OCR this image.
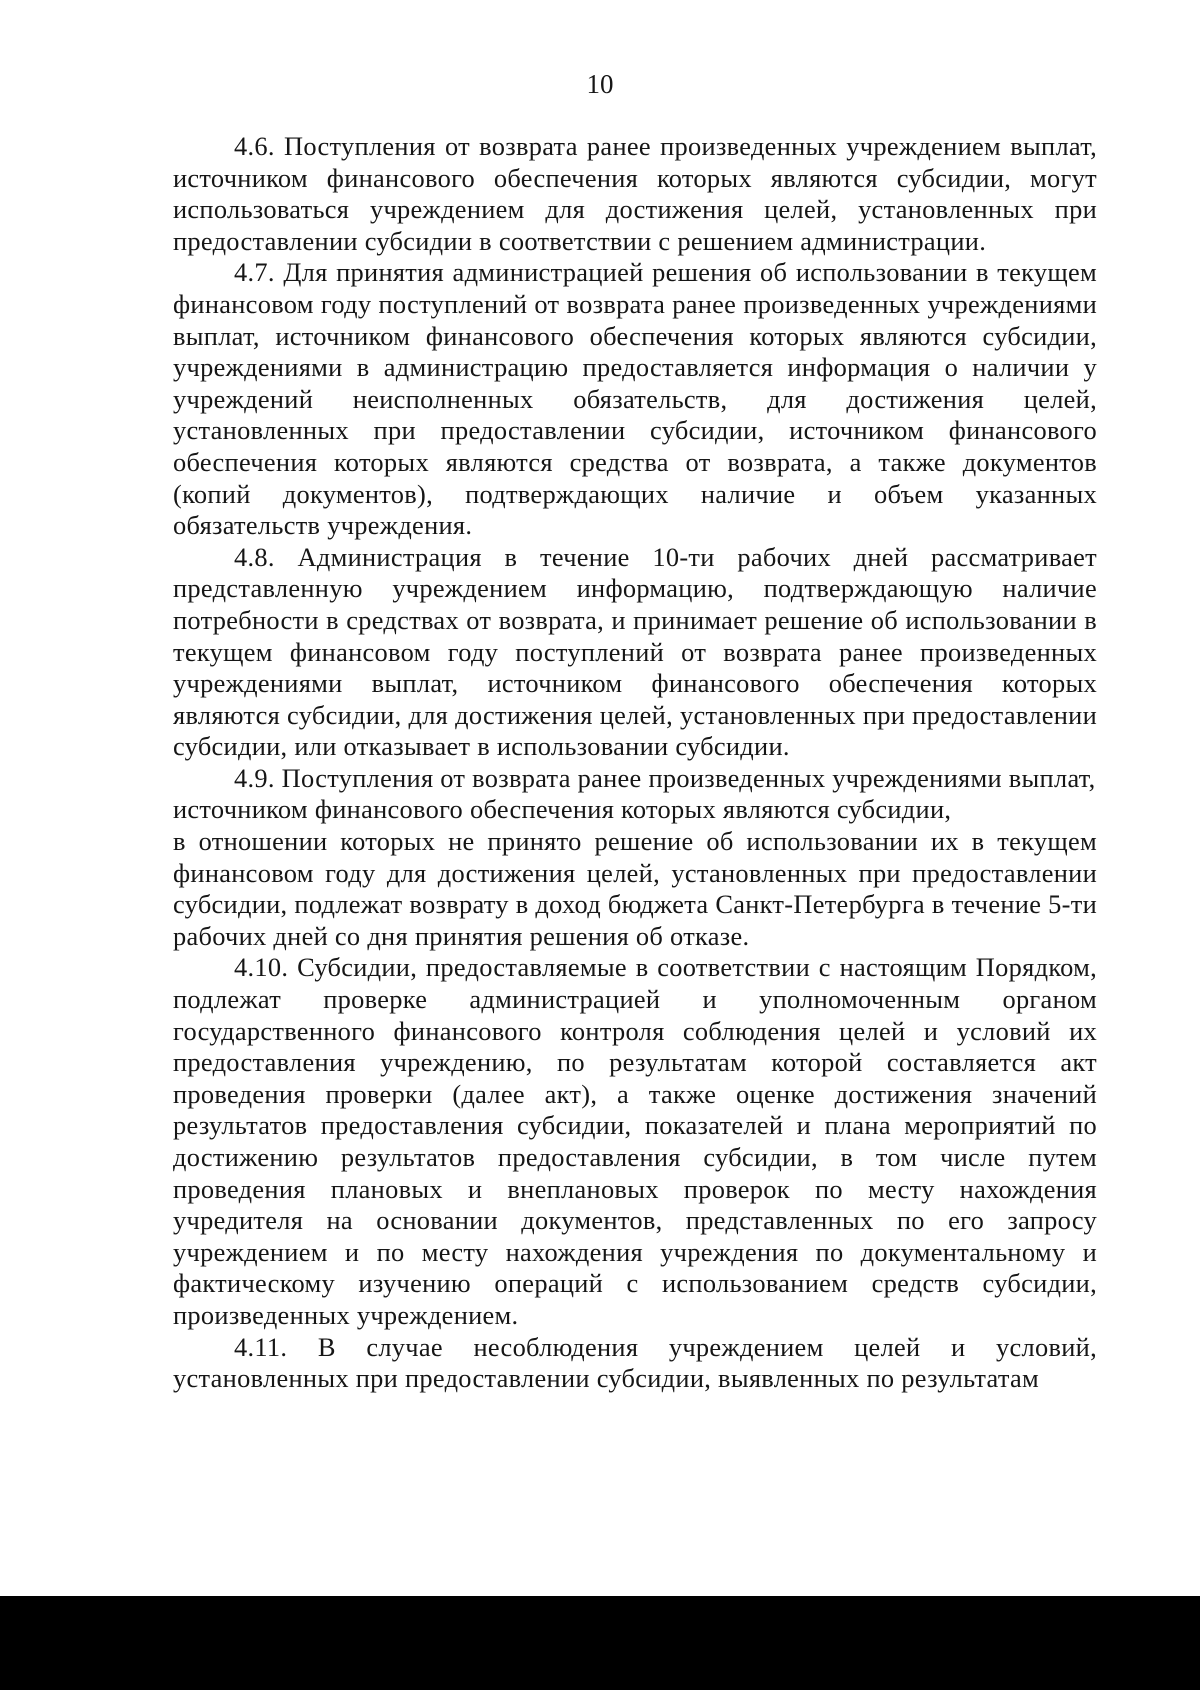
10

4.6. Поступления от возврата ранее произведенных учреждением выплат, источником финансового обеспечения которых являются субсидии, могут использоваться учреждением для достижения целей, установленных при предоставлении субсидии в соответствии с решением администрации.

4.7. Для принятия администрацией решения об использовании в текущем финансовом году поступлений от возврата ранее произведенных учреждениями выплат, источником финансового обеспечения которых являются субсидии, учреждениями в администрацию предоставляется информация о наличии у учреждений неисполненных обязательств, для достижения целей, установленных при предоставлении субсидии, источником финансового обеспечения которых являются средства от возврата, а также документов (копий документов), подтверждающих наличие и объем указанных обязательств учреждения.

4.8. Администрация в течение 10-ти рабочих дней рассматривает представленную учреждением информацию, подтверждающую наличие потребности в средствах от возврата, и принимает решение об использовании в текущем финансовом году поступлений от возврата ранее произведенных учреждениями выплат, источником финансового обеспечения которых являются субсидии, для достижения целей, установленных при предоставлении субсидии, или отказывает в использовании субсидии.

4.9. Поступления от возврата ранее произведенных учреждениями выплат, источником финансового обеспечения которых являются субсидии,

в отношении которых не принято решение об использовании их в текущем финансовом году для достижения целей, установленных при предоставлении субсидии, подлежат возврату в доход бюджета Санкт-Петербурга в течение 5-ти рабочих дней со дня принятия решения об отказе.

4.10. Субсидии, предоставляемые в соответствии с настоящим Порядком, подлежат проверке администрацией и уполномоченным органом государственного финансового контроля соблюдения целей и условий их предоставления учреждению, по результатам которой составляется акт проведения проверки (далее акт), а также оценке достижения значений результатов предоставления субсидии, показателей и плана мероприятий по достижению результатов предоставления субсидии, в том числе путем проведения плановых и внеплановых проверок по месту нахождения учредителя на основании документов, представленных по его запросу учреждением и по месту нахождения учреждения по документальному и фактическому изучению операций с использованием средств субсидии, произведенных учреждением.

4.11. В случае несоблюдения учреждением целей и условий, установленных при предоставлении субсидии, выявленных по результатам
